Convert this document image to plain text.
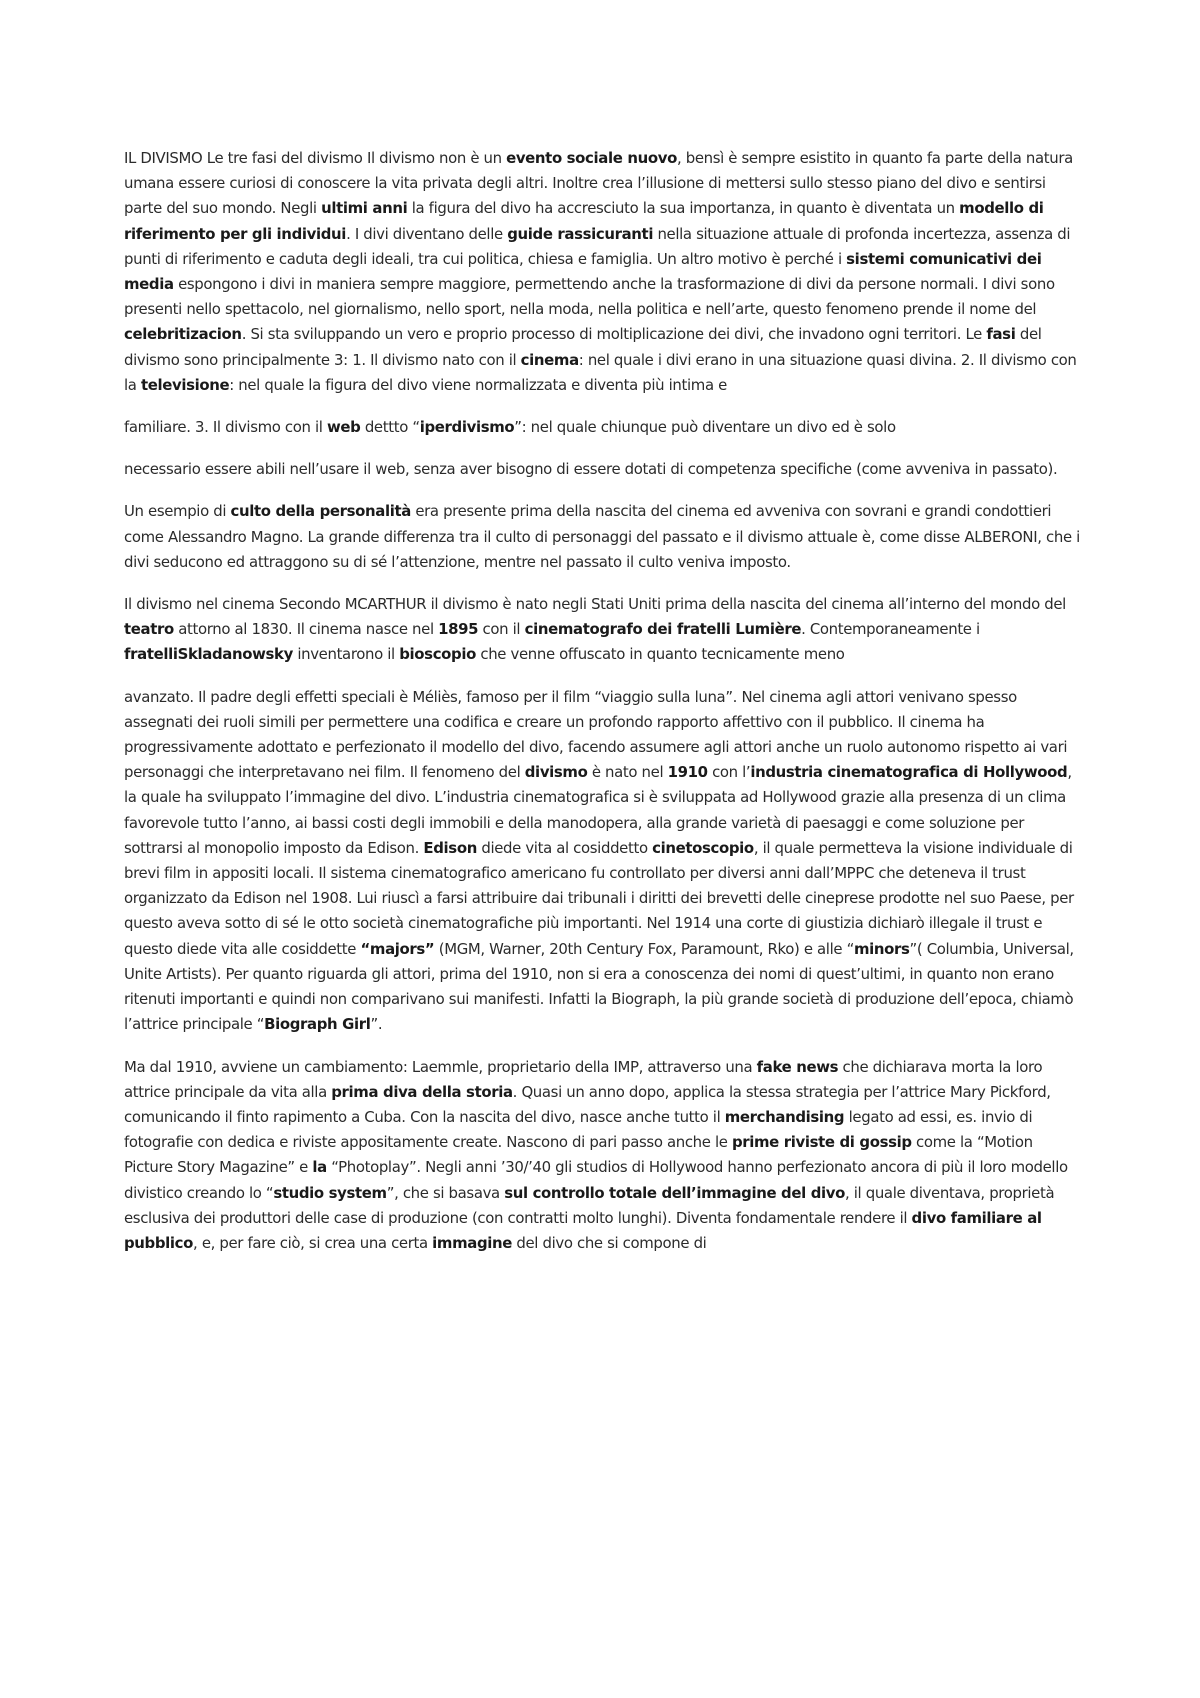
IL DIVISMO Le tre fasi del divismo Il divismo non è un evento sociale nuovo, bensì è sempre esistito in quanto fa parte della natura umana essere curiosi di conoscere la vita privata degli altri. Inoltre crea l’illusione di mettersi sullo stesso piano del divo e sentirsi parte del suo mondo. Negli ultimi anni la figura del divo ha accresciuto la sua importanza, in quanto è diventata un modello di riferimento per gli individui. I divi diventano delle guide rassicuranti nella situazione attuale di profonda incertezza, assenza di punti di riferimento e caduta degli ideali, tra cui politica, chiesa e famiglia. Un altro motivo è perché i sistemi comunicativi dei media espongono i divi in maniera sempre maggiore, permettendo anche la trasformazione di divi da persone normali. I divi sono presenti nello spettacolo, nel giornalismo, nello sport, nella moda, nella politica e nell’arte, questo fenomeno prende il nome del celebritizacion. Si sta sviluppando un vero e proprio processo di moltiplicazione dei divi, che invadono ogni territori. Le fasi del divismo sono principalmente 3: 1. Il divismo nato con il cinema: nel quale i divi erano in una situazione quasi divina. 2. Il divismo con la televisione: nel quale la figura del divo viene normalizzata e diventa più intima e

familiare. 3. Il divismo con il web dettto “iperdivismo”: nel quale chiunque può diventare un divo ed è solo

necessario essere abili nell’usare il web, senza aver bisogno di essere dotati di competenza specifiche (come avveniva in passato).

Un esempio di culto della personalità era presente prima della nascita del cinema ed avveniva con sovrani e grandi condottieri come Alessandro Magno. La grande differenza tra il culto di personaggi del passato e il divismo attuale è, come disse ALBERONI, che i divi seducono ed attraggono su di sé l’attenzione, mentre nel passato il culto veniva imposto.

Il divismo nel cinema Secondo MCARTHUR il divismo è nato negli Stati Uniti prima della nascita del cinema all’interno del mondo del teatro attorno al 1830. Il cinema nasce nel 1895 con il cinematografo dei fratelli Lumière. Contemporaneamente i fratelliSkladanowsky inventarono il bioscopio che venne offuscato in quanto tecnicamente meno

avanzato. Il padre degli effetti speciali è Méliès, famoso per il film “viaggio sulla luna”. Nel cinema agli attori venivano spesso assegnati dei ruoli simili per permettere una codifica e creare un profondo rapporto affettivo con il pubblico. Il cinema ha progressivamente adottato e perfezionato il modello del divo, facendo assumere agli attori anche un ruolo autonomo rispetto ai vari personaggi che interpretavano nei film. Il fenomeno del divismo è nato nel 1910 con l’industria cinematografica di Hollywood, la quale ha sviluppato l’immagine del divo. L’industria cinematografica si è sviluppata ad Hollywood grazie alla presenza di un clima favorevole tutto l’anno, ai bassi costi degli immobili e della manodopera, alla grande varietà di paesaggi e come soluzione per sottrarsi al monopolio imposto da Edison. Edison diede vita al cosiddetto cinetoscopio, il quale permetteva la visione individuale di brevi film in appositi locali. Il sistema cinematografico americano fu controllato per diversi anni dall’MPPC che deteneva il trust organizzato da Edison nel 1908. Lui riuscì a farsi attribuire dai tribunali i diritti dei brevetti delle cineprese prodotte nel suo Paese, per questo aveva sotto di sé le otto società cinematografiche più importanti. Nel 1914 una corte di giustizia dichiarò illegale il trust e questo diede vita alle cosiddette “majors” (MGM, Warner, 20th Century Fox, Paramount, Rko) e alle “minors”( Columbia, Universal, Unite Artists). Per quanto riguarda gli attori, prima del 1910, non si era a conoscenza dei nomi di quest’ultimi, in quanto non erano ritenuti importanti e quindi non comparivano sui manifesti. Infatti la Biograph, la più grande società di produzione dell’epoca, chiamò l’attrice principale “Biograph Girl”.

Ma dal 1910, avviene un cambiamento: Laemmle, proprietario della IMP, attraverso una fake news che dichiarava morta la loro attrice principale da vita alla prima diva della storia. Quasi un anno dopo, applica la stessa strategia per l’attrice Mary Pickford, comunicando il finto rapimento a Cuba. Con la nascita del divo, nasce anche tutto il merchandising legato ad essi, es. invio di fotografie con dedica e riviste appositamente create. Nascono di pari passo anche le prime riviste di gossip come la “Motion Picture Story Magazine” e la “Photoplay”. Negli anni ’30/’40 gli studios di Hollywood hanno perfezionato ancora di più il loro modello divistico creando lo “studio system”, che si basava sul controllo totale dell’immagine del divo, il quale diventava, proprietà esclusiva dei produttori delle case di produzione (con contratti molto lunghi). Diventa fondamentale rendere il divo familiare al pubblico, e, per fare ciò, si crea una certa immagine del divo che si compone di
